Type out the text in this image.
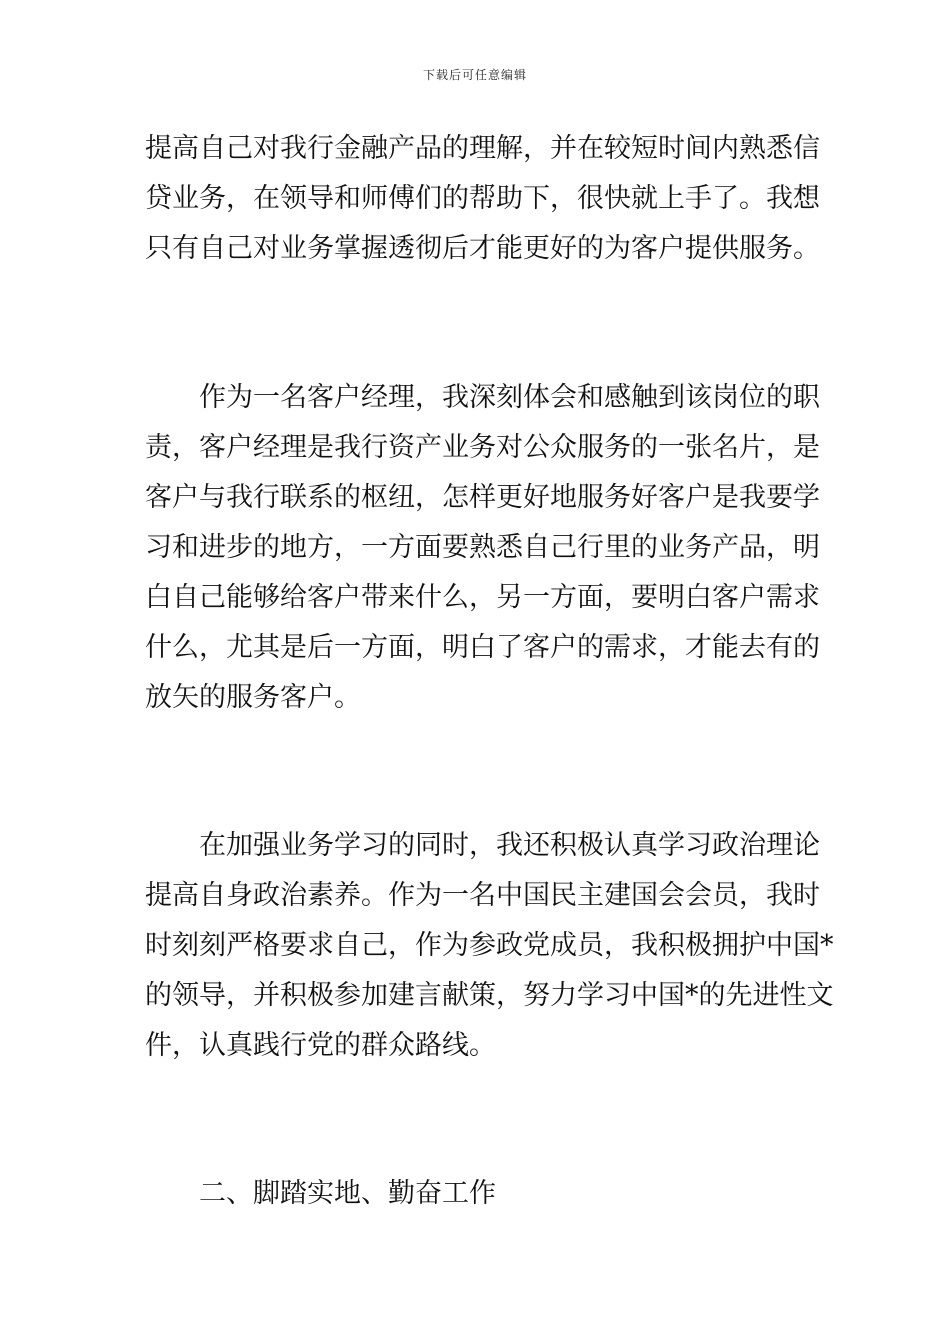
下载后可任意编辑
提高自己对我行金融产品的理解，并在较短时间内熟悉信
贷业务，在领导和师傅们的帮助下，很快就上手了。我想
只有自己对业务掌握透彻后才能更好的为客户提供服务。
作为一名客户经理，我深刻体会和感触到该岗位的职
责，客户经理是我行资产业务对公众服务的一张名片，是
客户与我行联系的枢纽，怎样更好地服务好客户是我要学
习和进步的地方，一方面要熟悉自己行里的业务产品，明
白自己能够给客户带来什么，另一方面，要明白客户需求
什么，尤其是后一方面，明白了客户的需求，才能去有的
放矢的服务客户。
在加强业务学习的同时，我还积极认真学习政治理论
提高自身政治素养。作为一名中国民主建国会会员，我时
时刻刻严格要求自己，作为参政党成员，我积极拥护中国*
的领导，并积极参加建言献策，努力学习中国*的先进性文
件，认真践行党的群众路线。
二、脚踏实地、勤奋工作
